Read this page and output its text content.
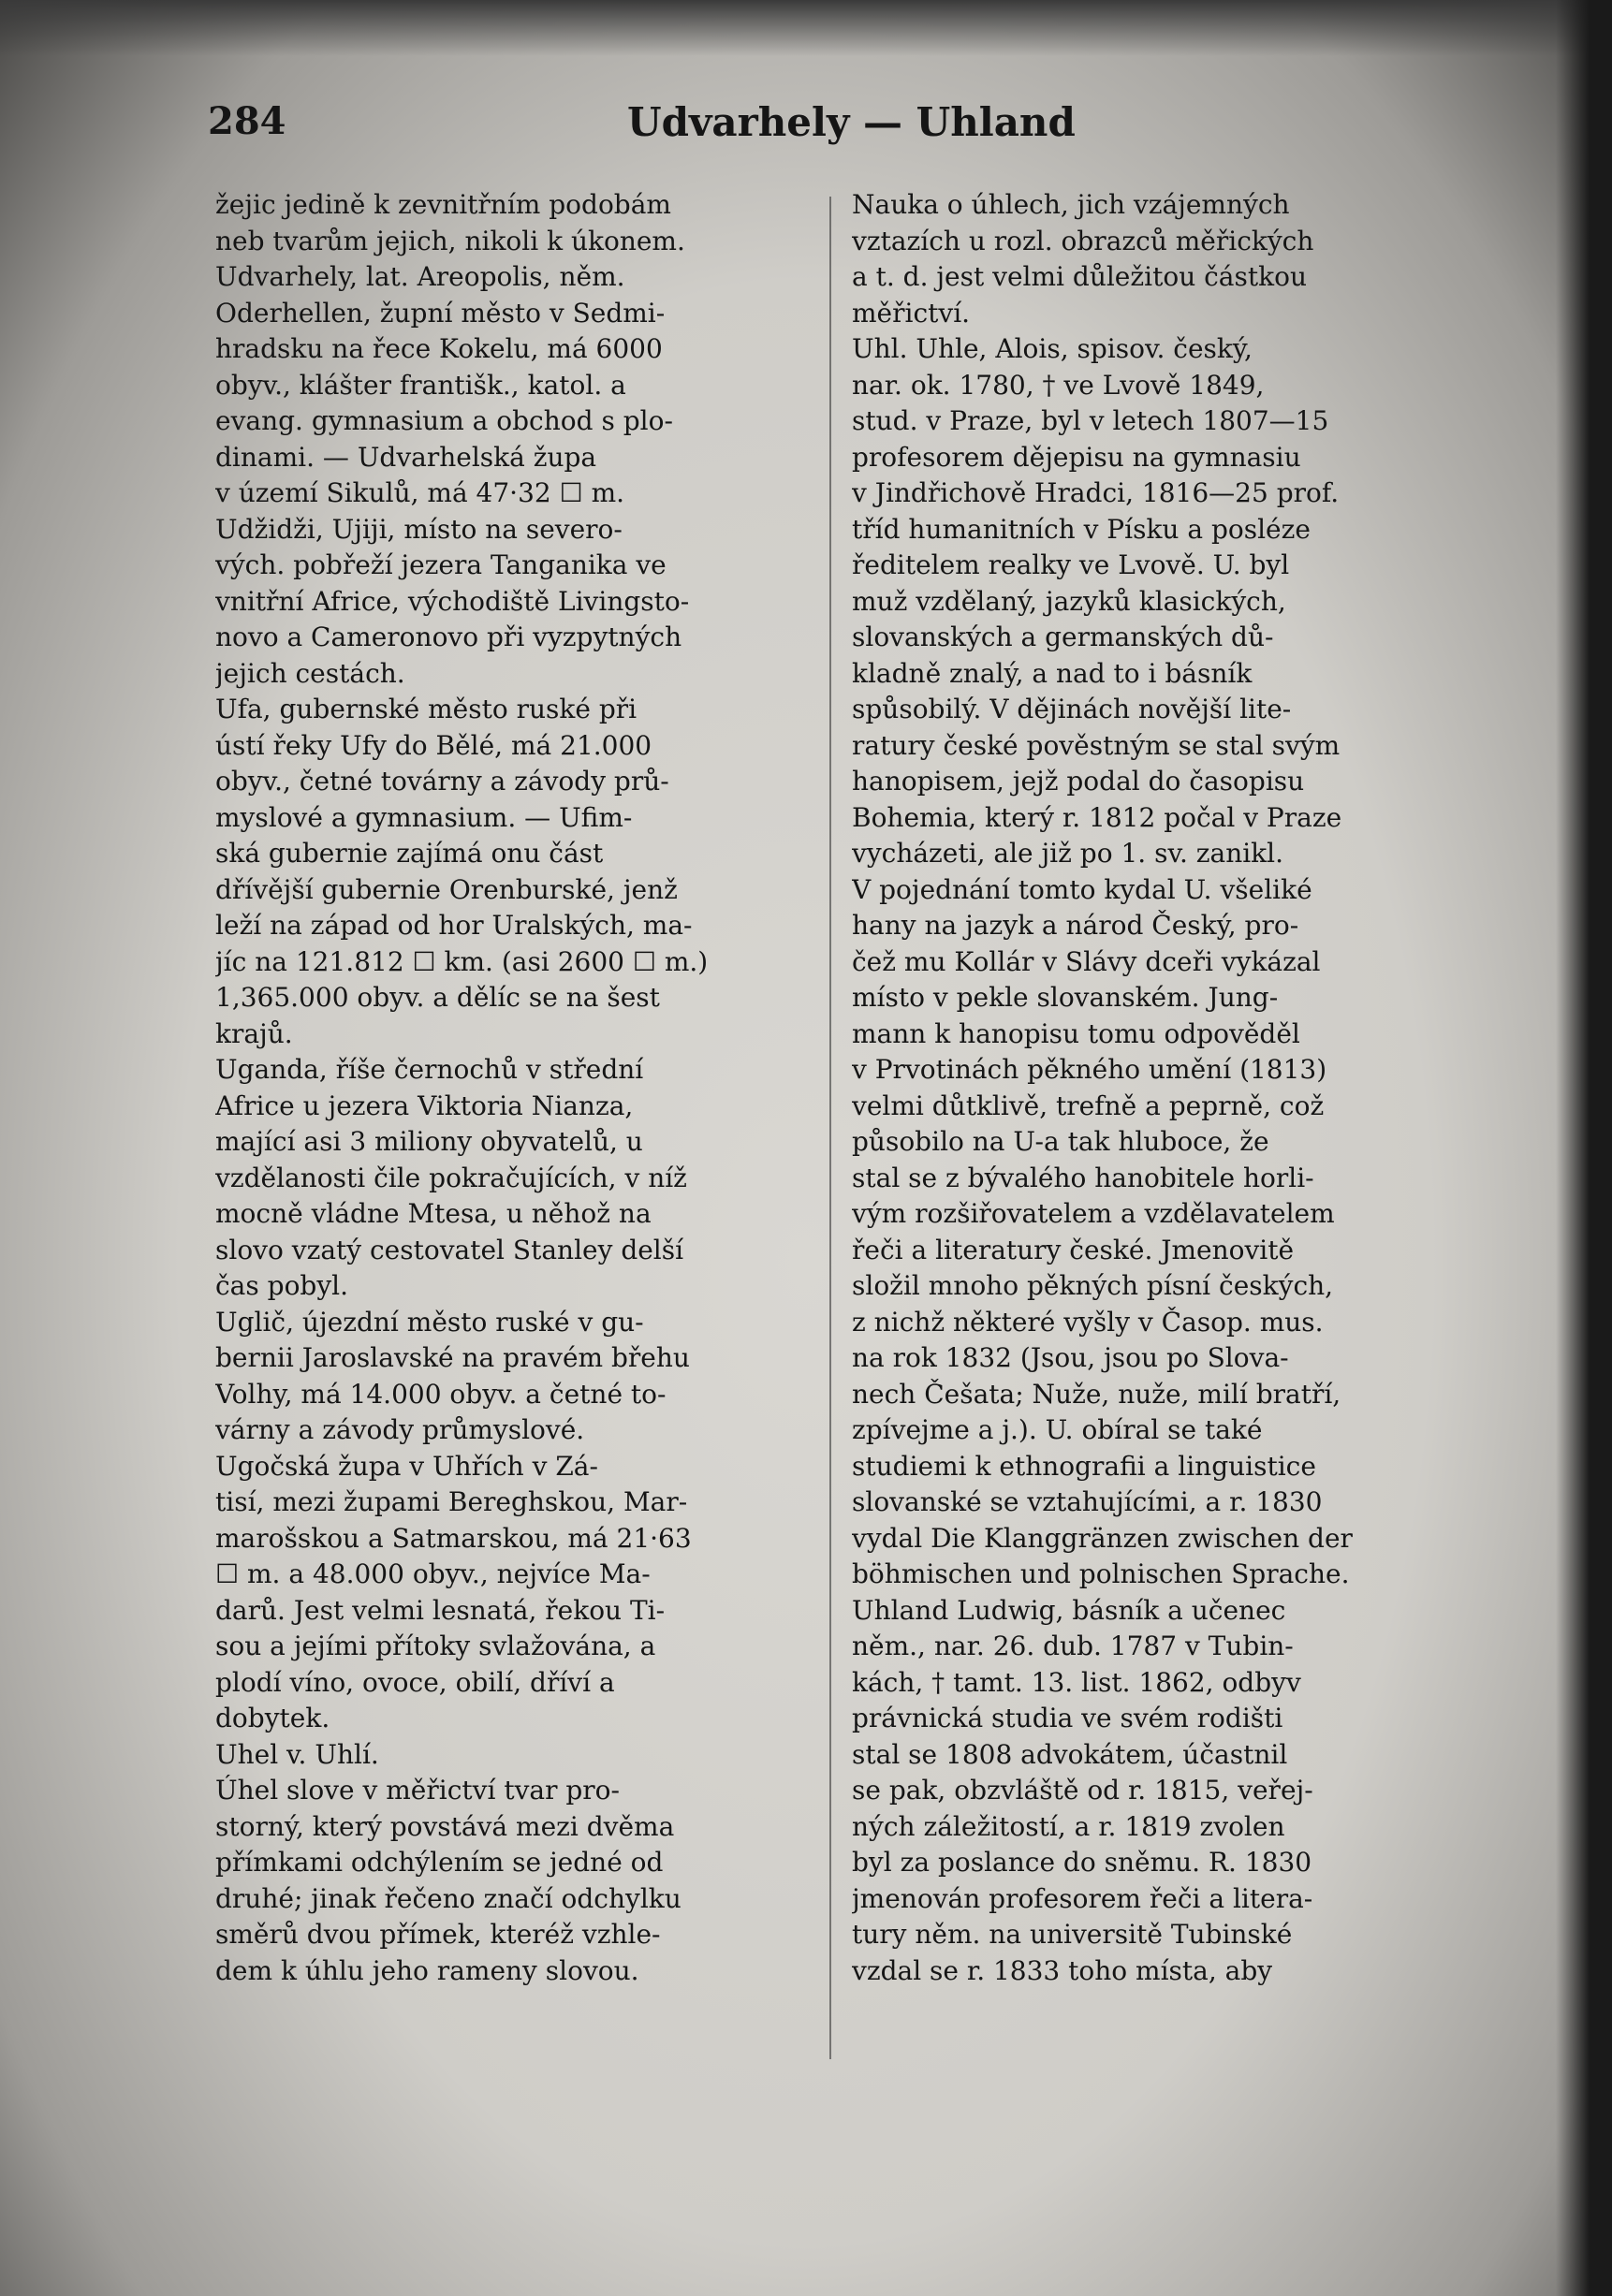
284	Udvarhely — Uhland
žejic jedině k zevnitřním podobám
neb tvarům jejich, nikoli k úkonem.
Udvarhely, lat. Areopolis, něm.
Oderhellen, župní město v Sedmi-
hradsku na řece Kokelu, má 6000
obyv., klášter františk., katol. a
evang. gymnasium a obchod s plo-
dinami. — Udvarhelská župa
v území Sikulů, má 47·32 ☐ m.
Udžidži, Ujiji, místo na severo-
vých. pobřeží jezera Tanganika ve
vnitřní Africe, východiště Livingsto-
novo a Cameronovo při vyzpytných
jejich cestách.
Ufa, gubernské město ruské při
ústí řeky Ufy do Bělé, má 21.000
obyv., četné továrny a závody prů-
myslové a gymnasium. — Ufim-
ská gubernie zajímá onu část
dřívější gubernie Orenburské, jenž
leží na západ od hor Uralských, ma-
jíc na 121.812 ☐ km. (asi 2600 ☐ m.)
1,365.000 obyv. a dělíc se na šest
krajů.
Uganda, říše černochů v střední
Africe u jezera Viktoria Nianza,
mající asi 3 miliony obyvatelů, u
vzdělanosti čile pokračujících, v níž
mocně vládne Mtesa, u něhož na
slovo vzatý cestovatel Stanley delší
čas pobyl.
Uglič, újezdní město ruské v gu-
bernii Jaroslavské na pravém břehu
Volhy, má 14.000 obyv. a četné to-
várny a závody průmyslové.
Ugočská župa v Uhřích v Zá-
tisí, mezi župami Bereghskou, Mar-
marošskou a Satmarskou, má 21·63
☐ m. a 48.000 obyv., nejvíce Ma-
darů. Jest velmi lesnatá, řekou Ti-
sou a jejími přítoky svlažována, a
plodí víno, ovoce, obilí, dříví a
dobytek.
Uhel v. Uhlí.
Úhel slove v měřictví tvar pro-
storný, který povstává mezi dvěma
přímkami odchýlením se jedné od
druhé; jinak řečeno značí odchylku
směrů dvou přímek, kteréž vzhle-
dem k úhlu jeho rameny slovou.
Nauka o úhlech, jich vzájemných
vztazích u rozl. obrazců měřických
a t. d. jest velmi důležitou částkou
měřictví.
Uhl. Uhle, Alois, spisov. český,
nar. ok. 1780, † ve Lvově 1849,
stud. v Praze, byl v letech 1807—15
profesorem dějepisu na gymnasiu
v Jindřichově Hradci, 1816—25 prof.
tříd humanitních v Písku a posléze
ředitelem realky ve Lvově. U. byl
muž vzdělaný, jazyků klasických,
slovanských a germanských dů-
kladně znalý, a nad to i básník
spůsobilý. V dějinách novější lite-
ratury české pověstným se stal svým
hanopisem, jejž podal do časopisu
Bohemia, který r. 1812 počal v Praze
vycházeti, ale již po 1. sv. zanikl.
V pojednání tomto kydal U. všeliké
hany na jazyk a národ Český, pro-
čež mu Kollár v Slávy dceři vykázal
místo v pekle slovanském. Jung-
mann k hanopisu tomu odpověděl
v Prvotinách pěkného umění (1813)
velmi důtklivě, trefně a peprně, což
působilo na U-a tak hluboce, že
stal se z bývalého hanobitele horli-
vým rozšiřovatelem a vzdělavatelem
řeči a literatury české. Jmenovitě
složil mnoho pěkných písní českých,
z nichž některé vyšly v Časop. mus.
na rok 1832 (Jsou, jsou po Slova-
nech Češata; Nuže, nuže, milí bratří,
zpívejme a j.). U. obíral se také
studiemi k ethnografii a linguistice
slovanské se vztahujícími, a r. 1830
vydal Die Klanggränzen zwischen der
böhmischen und polnischen Sprache.
Uhland Ludwig, básník a učenec
něm., nar. 26. dub. 1787 v Tubin-
kách, † tamt. 13. list. 1862, odbyv
právnická studia ve svém rodišti
stal se 1808 advokátem, účastnil
se pak, obzvláště od r. 1815, veřej-
ných záležitostí, a r. 1819 zvolen
byl za poslance do sněmu. R. 1830
jmenován profesorem řeči a litera-
tury něm. na universitě Tubinské
vzdal se r. 1833 toho místa, aby
